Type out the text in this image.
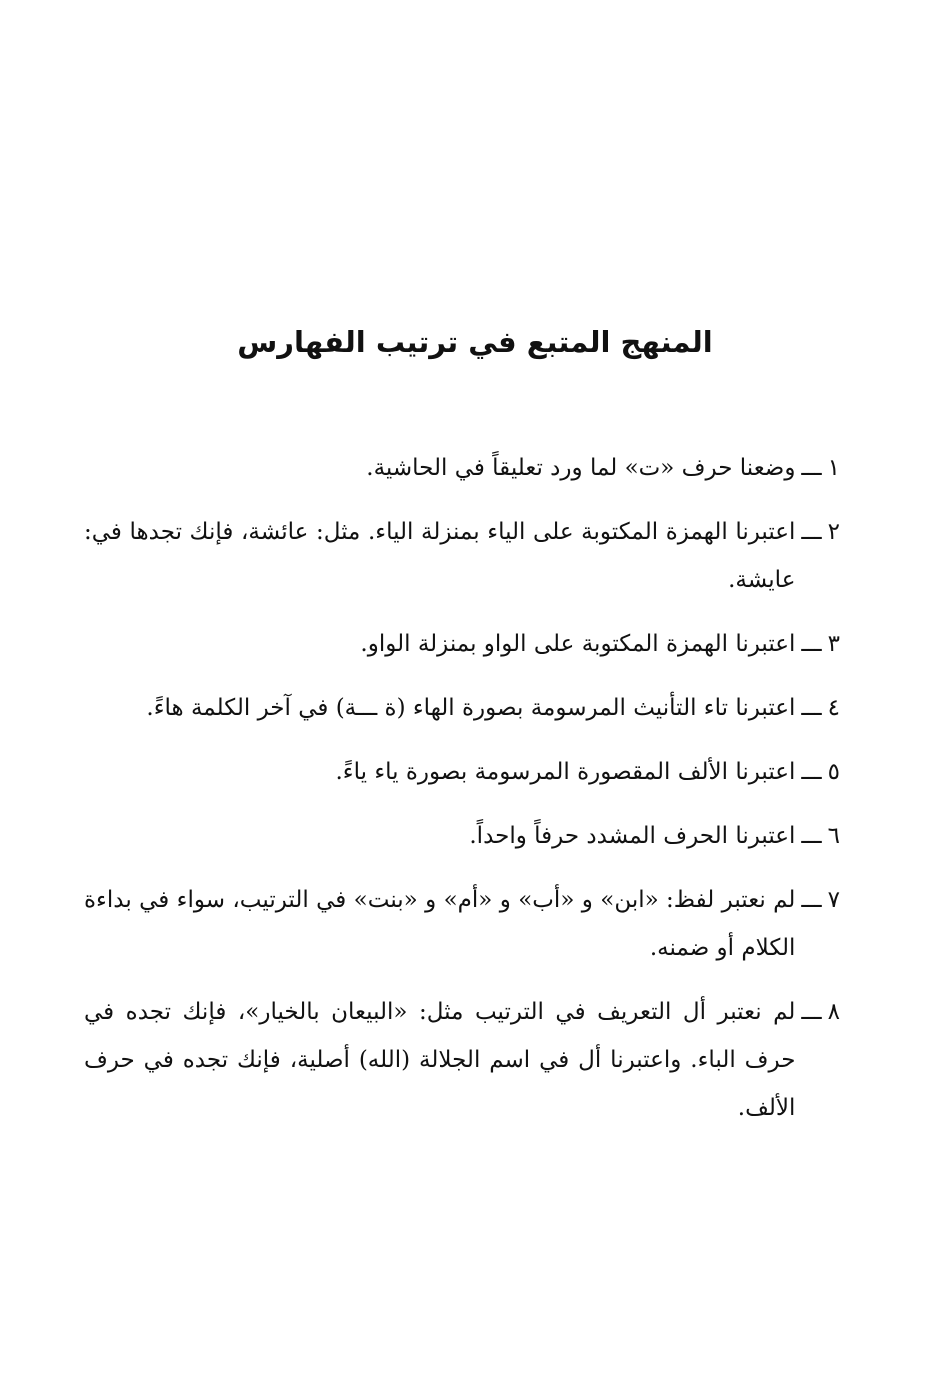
المنهج المتبع في ترتيب الفهارس
١
ـــ
وضعنا حرف «ت» لما ورد تعليقاً في الحاشية.
٢
ـــ
اعتبرنا الهمزة المكتوبة على الياء بمنزلة الياء. مثل: عائشة، فإنك تجدها في: عايشة.
٣
ـــ
اعتبرنا الهمزة المكتوبة على الواو بمنزلة الواو.
٤
ـــ
اعتبرنا تاء التأنيث المرسومة بصورة الهاء (ة ـــة) في آخر الكلمة هاءً.
٥
ـــ
اعتبرنا الألف المقصورة المرسومة بصورة ياء ياءً.
٦
ـــ
اعتبرنا الحرف المشدد حرفاً واحداً.
٧
ـــ
لم نعتبر لفظ: «ابن» و «أب» و «أم» و «بنت» في الترتيب، سواء في بداءة الكلام أو ضمنه.
٨
ـــ
لم نعتبر أل التعريف في الترتيب مثل: «البيعان بالخيار»، فإنك تجده في حرف الباء. واعتبرنا أل في اسم الجلالة (الله) أصلية، فإنك تجده في حرف الألف.
